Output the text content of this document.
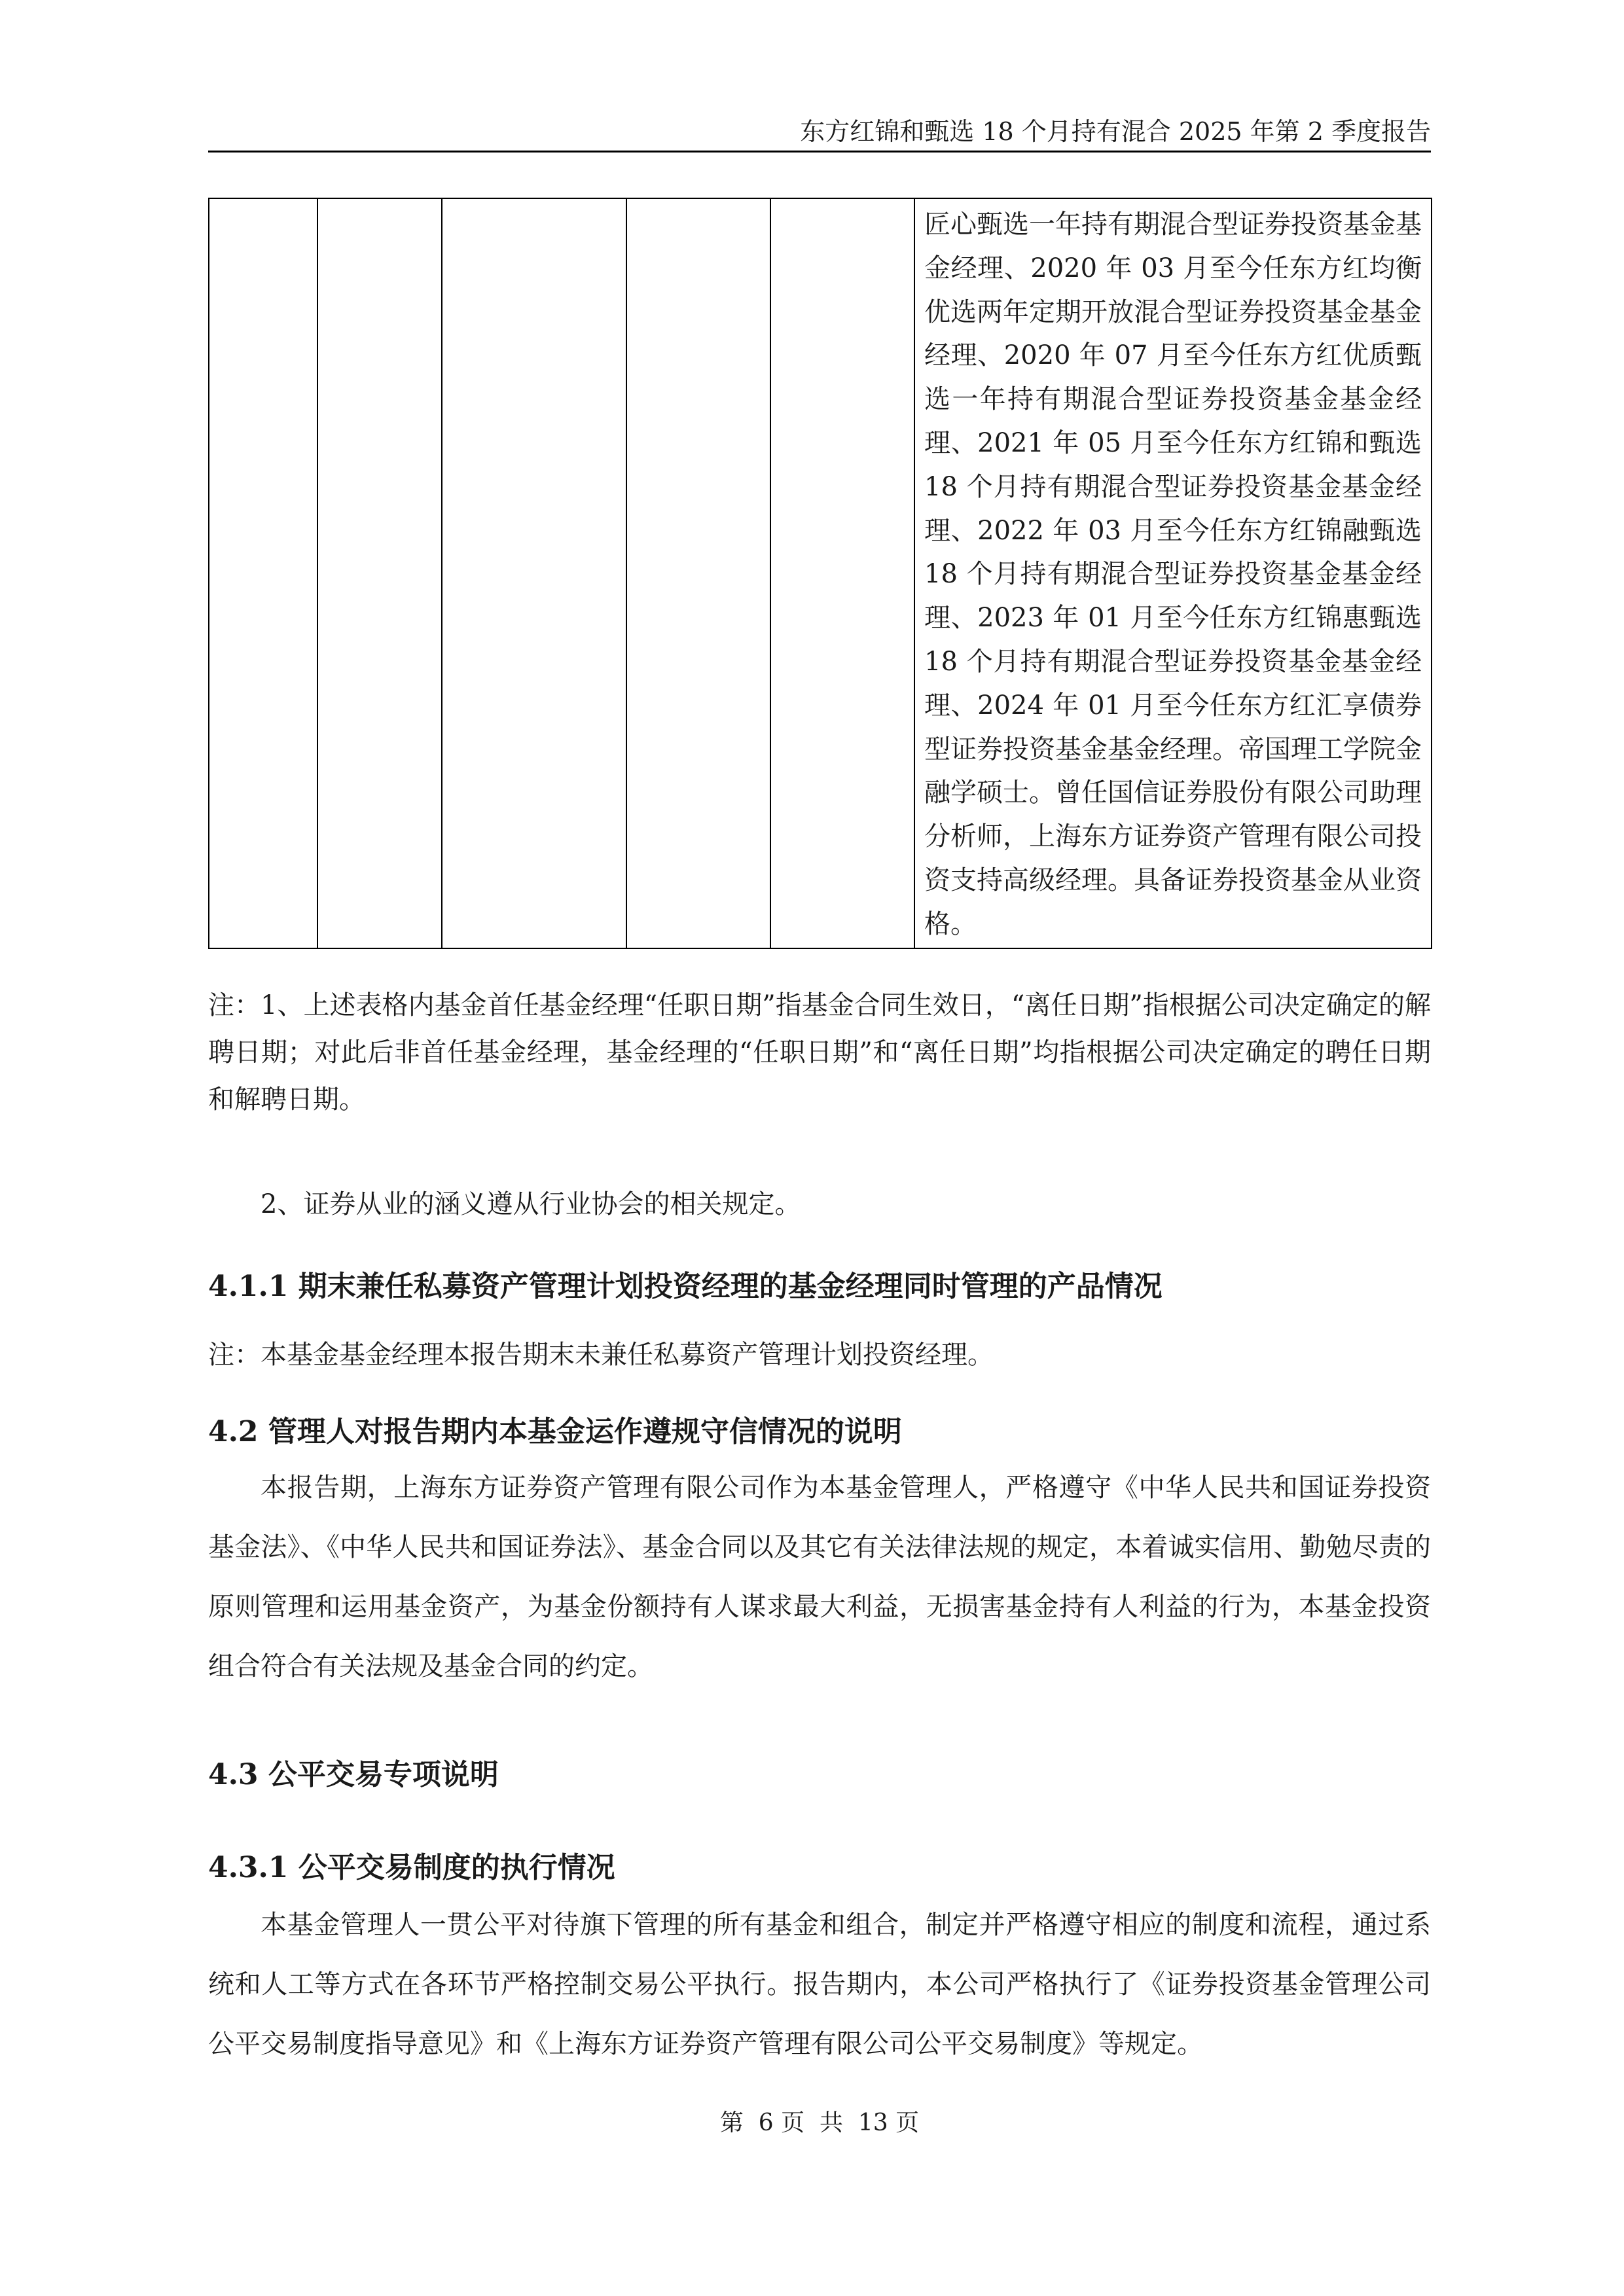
东方红锦和甄选 18 个月持有混合 2025 年第 2 季度报告
					匠心甄选一年持有期混合型证券投资基金基金经理、2020 年 03 月至今任东方红均衡优选两年定期开放混合型证券投资基金基金经理、2020 年 07 月至今任东方红优质甄选一年持有期混合型证券投资基金基金经理、2021 年 05 月至今任东方红锦和甄选 18 个月持有期混合型证券投资基金基金经理、2022 年 03 月至今任东方红锦融甄选 18 个月持有期混合型证券投资基金基金经理、2023 年 01 月至今任东方红锦惠甄选 18 个月持有期混合型证券投资基金基金经理、2024 年 01 月至今任东方红汇享债券型证券投资基金基金经理。帝国理工学院金融学硕士。曾任国信证券股份有限公司助理分析师，上海东方证券资产管理有限公司投资支持高级经理。具备证券投资基金从业资格。

注：1、上述表格内基金首任基金经理“任职日期”指基金合同生效日，“离任日期”指根据公司决定确定的解聘日期；对此后非首任基金经理，基金经理的“任职日期”和“离任日期”均指根据公司决定确定的聘任日期和解聘日期。

2、证券从业的涵义遵从行业协会的相关规定。

4.1.1 期末兼任私募资产管理计划投资经理的基金经理同时管理的产品情况

注：本基金基金经理本报告期末未兼任私募资产管理计划投资经理。

4.2 管理人对报告期内本基金运作遵规守信情况的说明

本报告期，上海东方证券资产管理有限公司作为本基金管理人，严格遵守《中华人民共和国证券投资基金法》、《中华人民共和国证券法》、基金合同以及其它有关法律法规的规定，本着诚实信用、勤勉尽责的原则管理和运用基金资产，为基金份额持有人谋求最大利益，无损害基金持有人利益的行为，本基金投资组合符合有关法规及基金合同的约定。

4.3 公平交易专项说明
4.3.1 公平交易制度的执行情况

本基金管理人一贯公平对待旗下管理的所有基金和组合，制定并严格遵守相应的制度和流程，通过系统和人工等方式在各环节严格控制交易公平执行。报告期内，本公司严格执行了《证券投资基金管理公司公平交易制度指导意见》和《上海东方证券资产管理有限公司公平交易制度》等规定。

第  6 页  共  13 页
